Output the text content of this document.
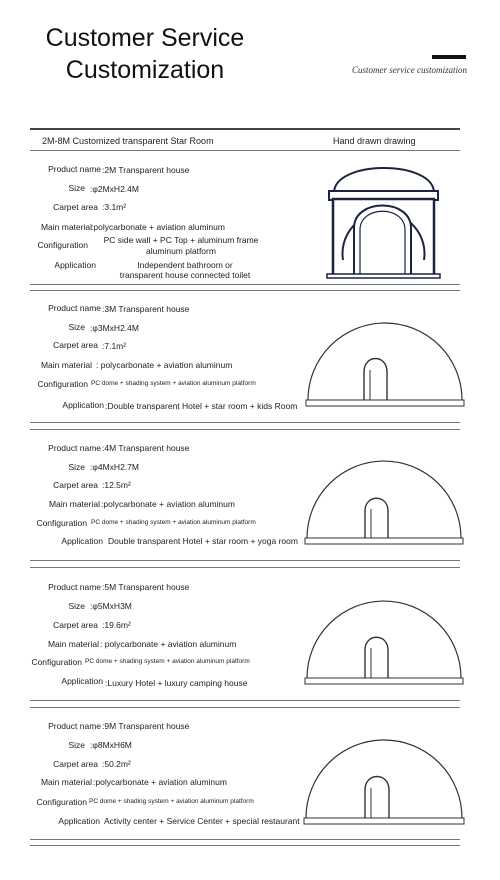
Customer Service
Customization	Customer service customization
2M-8M Customized transparent Star Room	Hand drawn drawing
Product name :2M Transparent house
Size :φ2MxH2.4M
Carpet area :3.1m²
Main material :polycarbonate + aviation aluminum
Configuration	PC side wall + PC Top + aluminum frame
aluminum platform
Application	Independent bathroom or
transparent house connected toilet
Product name :3M Transparent house
Size :φ3MxH2.4M
Carpet area :7.1m²
Main material : polycarbonate + aviation aluminum
Configuration PC dome + shading system + aviation aluminum platform
Application :Double transparent Hotel + star room + kids Room
Product name :4M Transparent house
Size :φ4MxH2.7M
Carpet area :12.5m²
Main material :polycarbonate + aviation aluminum
Configuration PC dome + shading system + aviation aluminum platform
Application Double transparent Hotel + star room + yoga room
Product name :5M Transparent house
Size :φ5MxH3M
Carpet area :19.6m²
Main material : polycarbonate + aviation aluminum
Configuration PC dome + shading system + aviation aluminum platform
Application :Luxury Hotel + luxury camping house
Product name :9M Transparent house
Size :φ8MxH6M
Carpet area :50.2m²
Main material :polycarbonate + aviation aluminum
Configuration PC dome + shading system + aviation aluminum platform
Application Activity center + Service Center + special restaurant
